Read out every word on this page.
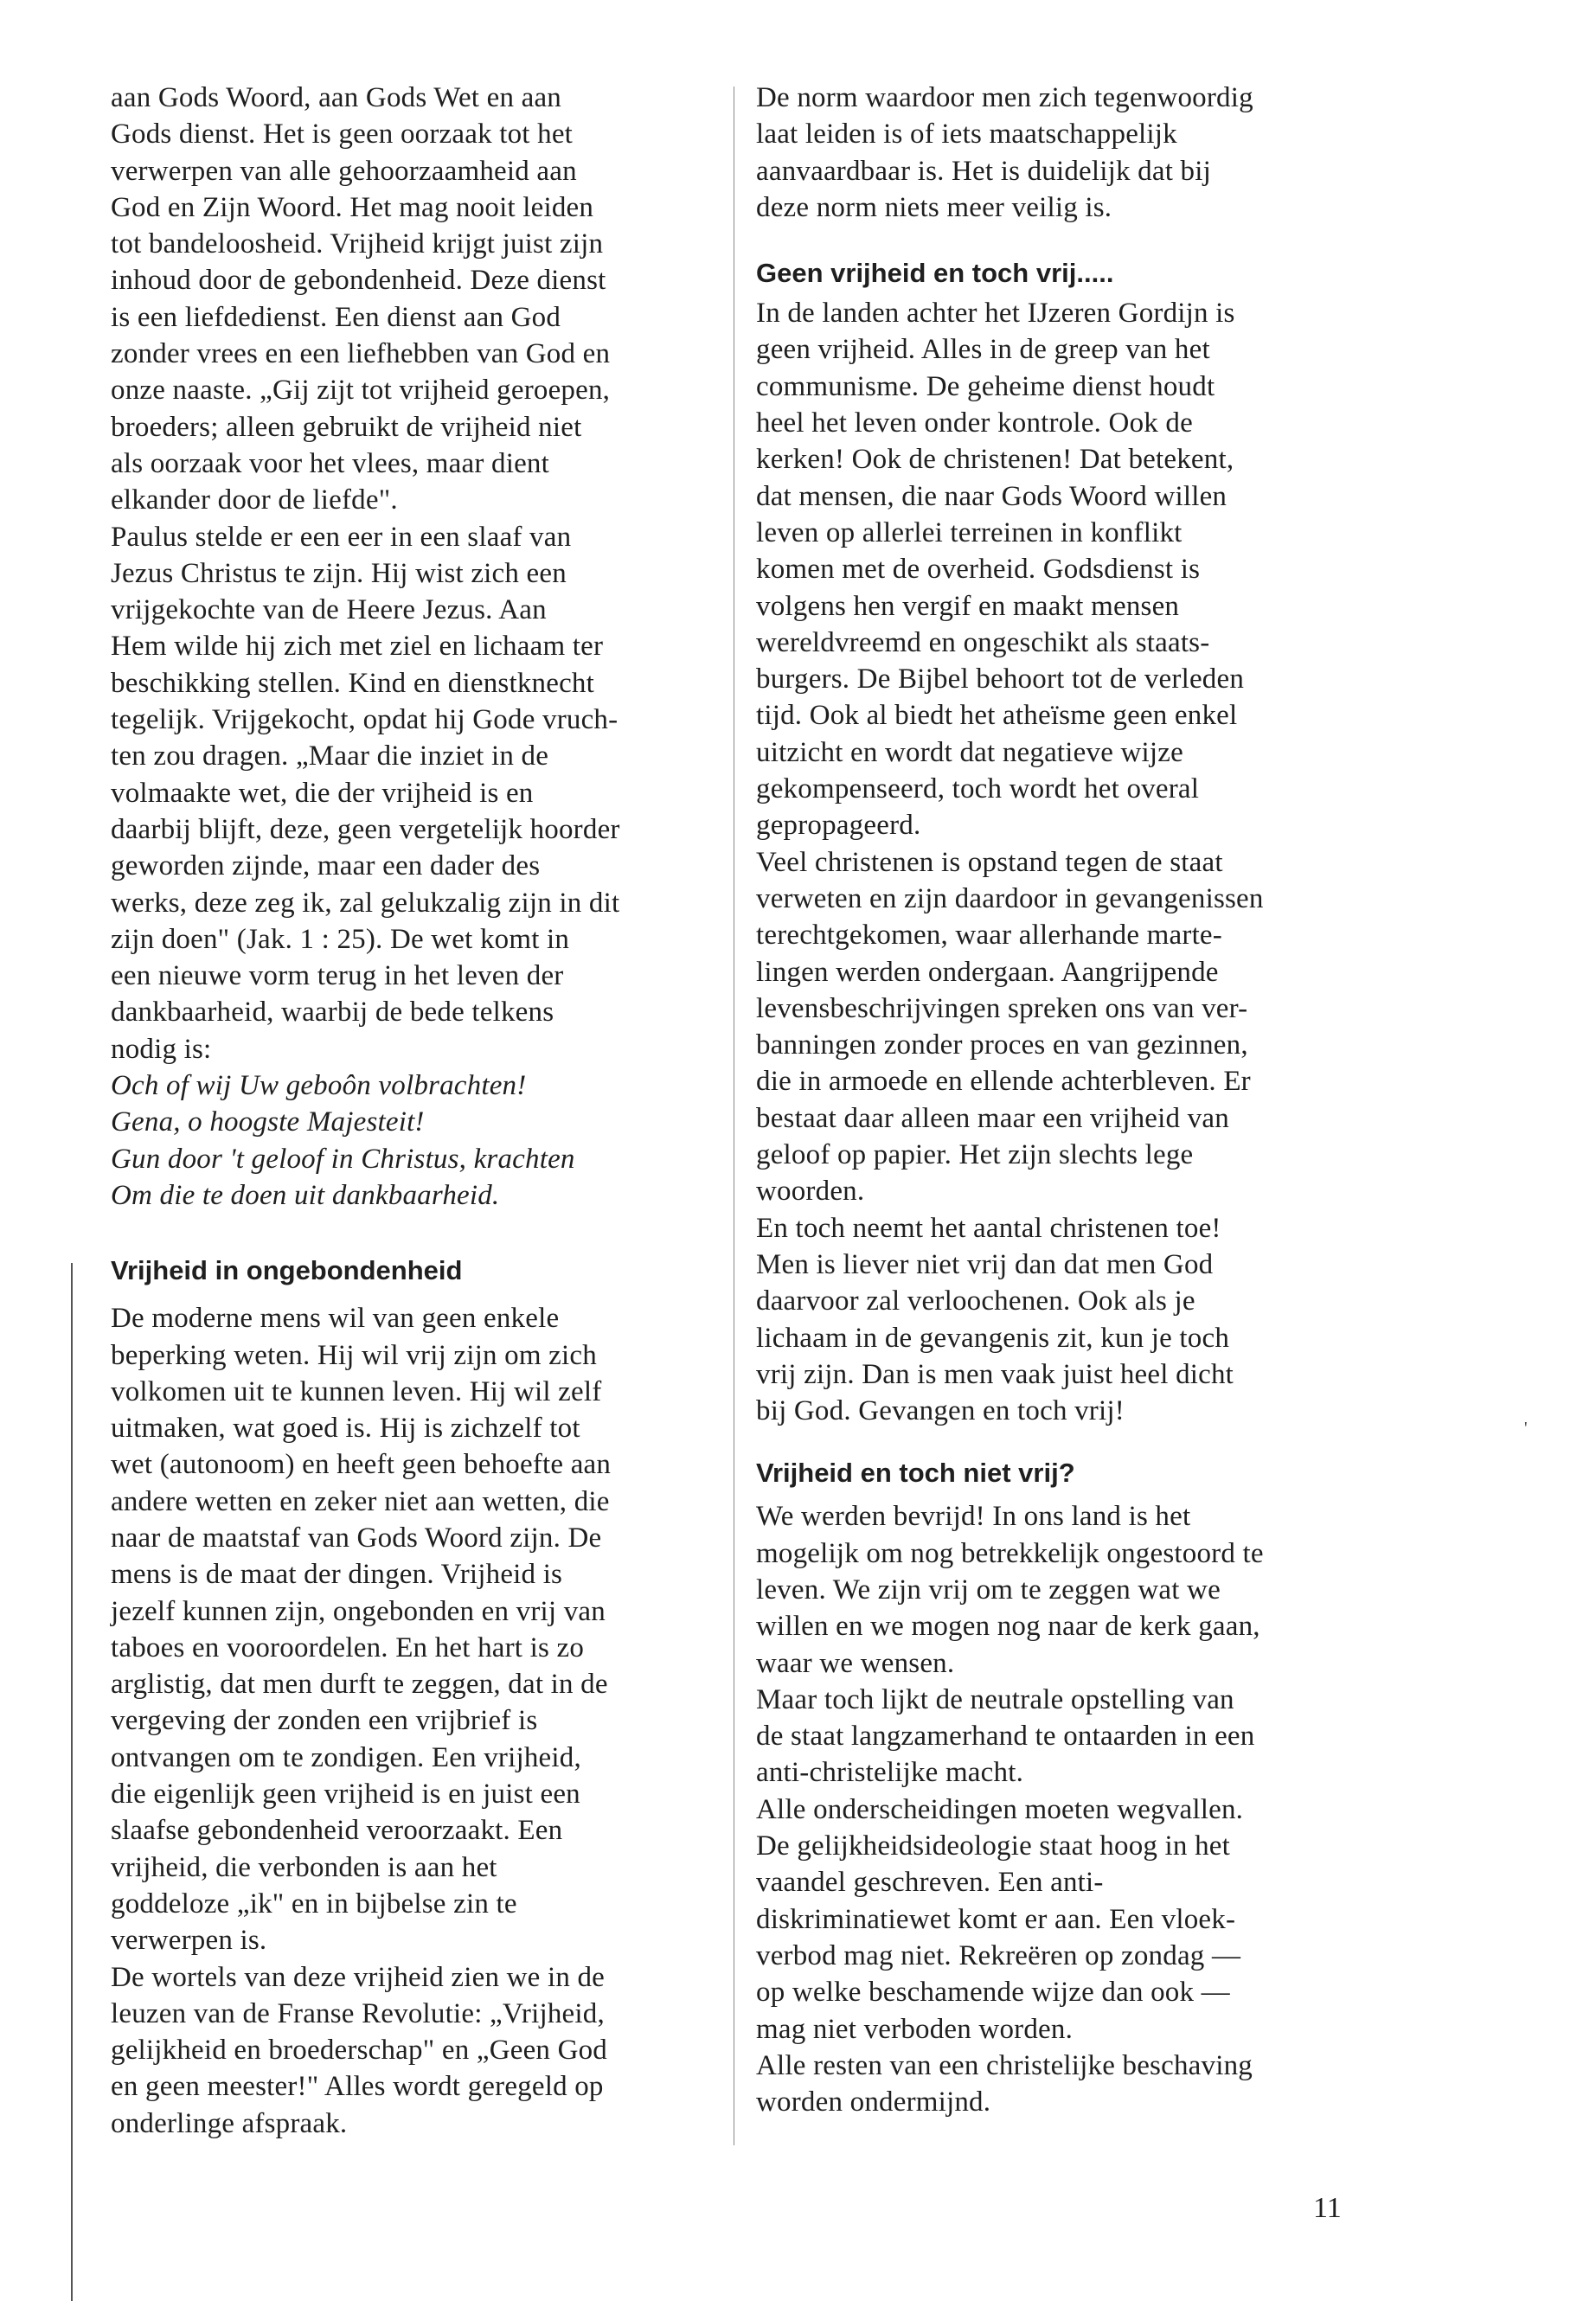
aan Gods Woord, aan Gods Wet en aan
Gods dienst. Het is geen oorzaak tot het
verwerpen van alle gehoorzaamheid aan
God en Zijn Woord. Het mag nooit leiden
tot bandeloosheid. Vrijheid krijgt juist zijn
inhoud door de gebondenheid. Deze dienst
is een liefdedienst. Een dienst aan God
zonder vrees en een liefhebben van God en
onze naaste. „Gij zijt tot vrijheid geroepen,
broeders; alleen gebruikt de vrijheid niet
als oorzaak voor het vlees, maar dient
elkander door de liefde".
Paulus stelde er een eer in een slaaf van
Jezus Christus te zijn. Hij wist zich een
vrijgekochte van de Heere Jezus. Aan
Hem wilde hij zich met ziel en lichaam ter
beschikking stellen. Kind en dienstknecht
tegelijk. Vrijgekocht, opdat hij Gode vruch-
ten zou dragen. „Maar die inziet in de
volmaakte wet, die der vrijheid is en
daarbij blijft, deze, geen vergetelijk hoorder
geworden zijnde, maar een dader des
werks, deze zeg ik, zal gelukzalig zijn in dit
zijn doen" (Jak. 1 : 25). De wet komt in
een nieuwe vorm terug in het leven der
dankbaarheid, waarbij de bede telkens
nodig is:
Och of wij Uw geboôn volbrachten!
Gena, o hoogste Majesteit!
Gun door 't geloof in Christus, krachten
Om die te doen uit dankbaarheid.
Vrijheid in ongebondenheid
De moderne mens wil van geen enkele
beperking weten. Hij wil vrij zijn om zich
volkomen uit te kunnen leven. Hij wil zelf
uitmaken, wat goed is. Hij is zichzelf tot
wet (autonoom) en heeft geen behoefte aan
andere wetten en zeker niet aan wetten, die
naar de maatstaf van Gods Woord zijn. De
mens is de maat der dingen. Vrijheid is
jezelf kunnen zijn, ongebonden en vrij van
taboes en vooroordelen. En het hart is zo
arglistig, dat men durft te zeggen, dat in de
vergeving der zonden een vrijbrief is
ontvangen om te zondigen. Een vrijheid,
die eigenlijk geen vrijheid is en juist een
slaafse gebondenheid veroorzaakt. Een
vrijheid, die verbonden is aan het
goddeloze „ik" en in bijbelse zin te
verwerpen is.
De wortels van deze vrijheid zien we in de
leuzen van de Franse Revolutie: „Vrijheid,
gelijkheid en broederschap" en „Geen God
en geen meester!" Alles wordt geregeld op
onderlinge afspraak.
De norm waardoor men zich tegenwoordig
laat leiden is of iets maatschappelijk
aanvaardbaar is. Het is duidelijk dat bij
deze norm niets meer veilig is.
Geen vrijheid en toch vrij.....
In de landen achter het IJzeren Gordijn is
geen vrijheid. Alles in de greep van het
communisme. De geheime dienst houdt
heel het leven onder kontrole. Ook de
kerken! Ook de christenen! Dat betekent,
dat mensen, die naar Gods Woord willen
leven op allerlei terreinen in konflikt
komen met de overheid. Godsdienst is
volgens hen vergif en maakt mensen
wereldvreemd en ongeschikt als staats-
burgers. De Bijbel behoort tot de verleden
tijd. Ook al biedt het atheïsme geen enkel
uitzicht en wordt dat negatieve wijze
gekompenseerd, toch wordt het overal
gepropageerd.
Veel christenen is opstand tegen de staat
verweten en zijn daardoor in gevangenissen
terechtgekomen, waar allerhande marte-
lingen werden ondergaan. Aangrijpende
levensbeschrijvingen spreken ons van ver-
banningen zonder proces en van gezinnen,
die in armoede en ellende achterbleven. Er
bestaat daar alleen maar een vrijheid van
geloof op papier. Het zijn slechts lege
woorden.
En toch neemt het aantal christenen toe!
Men is liever niet vrij dan dat men God
daarvoor zal verloochenen. Ook als je
lichaam in de gevangenis zit, kun je toch
vrij zijn. Dan is men vaak juist heel dicht
bij God. Gevangen en toch vrij!
Vrijheid en toch niet vrij?
We werden bevrijd! In ons land is het
mogelijk om nog betrekkelijk ongestoord te
leven. We zijn vrij om te zeggen wat we
willen en we mogen nog naar de kerk gaan,
waar we wensen.
Maar toch lijkt de neutrale opstelling van
de staat langzamerhand te ontaarden in een
anti-christelijke macht.
Alle onderscheidingen moeten wegvallen.
De gelijkheidsideologie staat hoog in het
vaandel geschreven. Een anti-
diskriminatiewet komt er aan. Een vloek-
verbod mag niet. Rekreëren op zondag —
op welke beschamende wijze dan ook —
mag niet verboden worden.
Alle resten van een christelijke beschaving
worden ondermijnd.
11
'
